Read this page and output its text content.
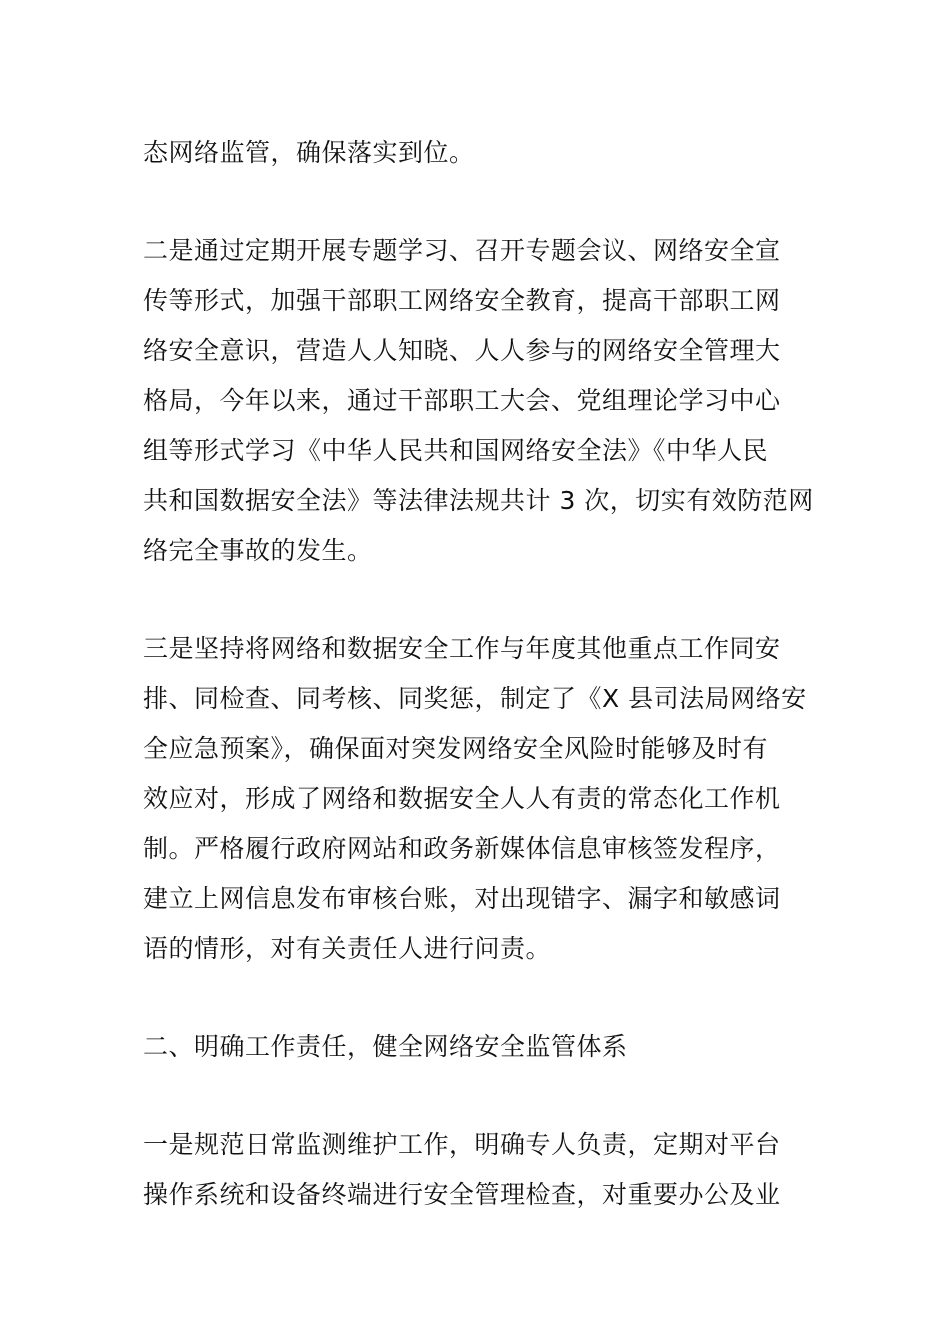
态网络监管，确保落实到位。

二是通过定期开展专题学习、召开专题会议、网络安全宣

传等形式，加强干部职工网络安全教育，提高干部职工网

络安全意识，营造人人知晓、人人参与的网络安全管理大

格局，今年以来，通过干部职工大会、党组理论学习中心

组等形式学习《中华人民共和国网络安全法》《中华人民

共和国数据安全法》等法律法规共计 3 次，切实有效防范网

络完全事故的发生。

三是坚持将网络和数据安全工作与年度其他重点工作同安

排、同检查、同考核、同奖惩，制定了《X 县司法局网络安

全应急预案》，确保面对突发网络安全风险时能够及时有

效应对，形成了网络和数据安全人人有责的常态化工作机

制。严格履行政府网站和政务新媒体信息审核签发程序，

建立上网信息发布审核台账，对出现错字、漏字和敏感词

语的情形，对有关责任人进行问责。

二、明确工作责任，健全网络安全监管体系

一是规范日常监测维护工作，明确专人负责，定期对平台

操作系统和设备终端进行安全管理检查，对重要办公及业
